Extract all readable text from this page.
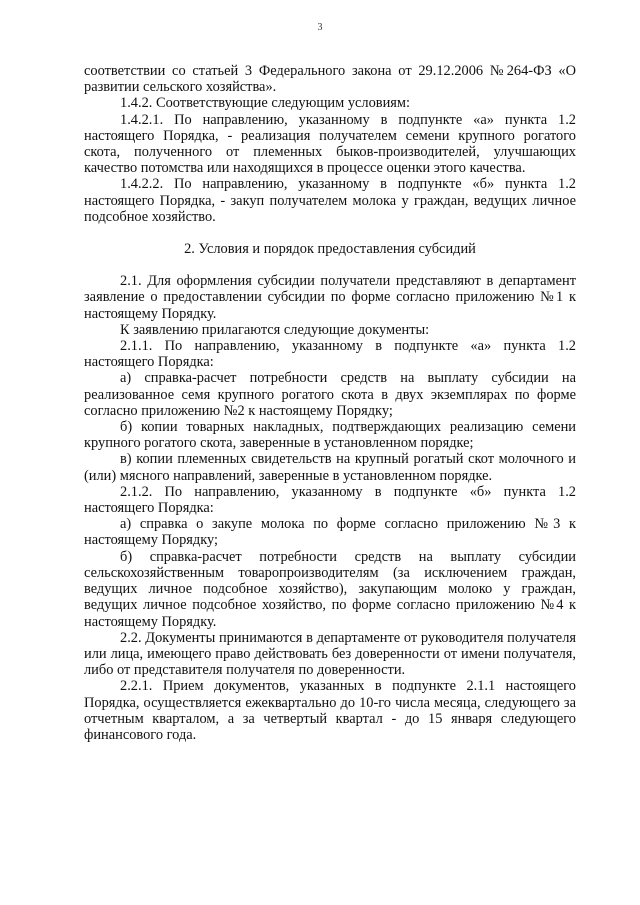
3

соответствии со статьей 3 Федерального закона от 29.12.2006 №264-ФЗ «О развитии сельского хозяйства».

1.4.2. Соответствующие следующим условиям:

1.4.2.1. По направлению, указанному в подпункте «а» пункта 1.2 настоящего Порядка, - реализация получателем семени крупного рогатого скота, полученного от племенных быков-производителей, улучшающих качество потомства или находящихся в процессе оценки этого качества.

1.4.2.2. По направлению, указанному в подпункте «б» пункта 1.2 настоящего Порядка, - закуп получателем молока у граждан, ведущих личное подсобное хозяйство.

2. Условия и порядок предоставления субсидий

2.1. Для оформления субсидии получатели представляют в департамент заявление о предоставлении субсидии по форме согласно приложению №1 к настоящему Порядку.

К заявлению прилагаются следующие документы:

2.1.1. По направлению, указанному в подпункте «а» пункта 1.2 настоящего Порядка:

а) справка-расчет потребности средств на выплату субсидии на реализованное семя крупного рогатого скота в двух экземплярах по форме согласно приложению №2 к настоящему Порядку;

б) копии товарных накладных, подтверждающих реализацию семени крупного рогатого скота, заверенные в установленном порядке;

в) копии племенных свидетельств на крупный рогатый скот молочного и (или) мясного направлений, заверенные в установленном порядке.

2.1.2. По направлению, указанному в подпункте «б» пункта 1.2 настоящего Порядка:

а) справка о закупе молока по форме согласно приложению №3 к настоящему Порядку;

б) справка-расчет потребности средств на выплату субсидии сельскохозяйственным товаропроизводителям (за исключением граждан, ведущих личное подсобное хозяйство), закупающим молоко у граждан, ведущих личное подсобное хозяйство, по форме согласно приложению №4 к настоящему Порядку.

2.2. Документы принимаются в департаменте от руководителя получателя или лица, имеющего право действовать без доверенности от имени получателя, либо от представителя получателя по доверенности.

2.2.1. Прием документов, указанных в подпункте 2.1.1 настоящего Порядка, осуществляется ежеквартально до 10-го числа месяца, следующего за отчетным кварталом, а за четвертый квартал - до 15 января следующего финансового года.
